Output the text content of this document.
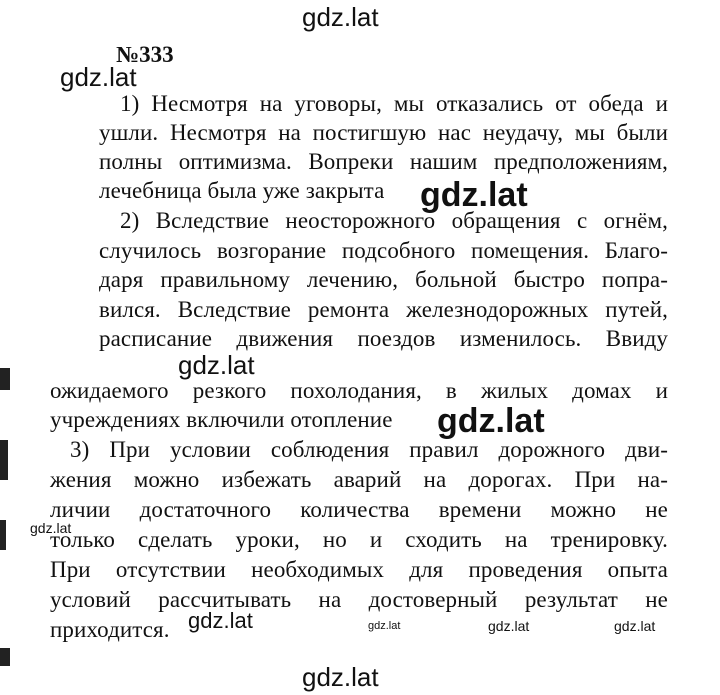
gdz.lat
gdz.lat
gdz.lat
gdz.lat
gdz.lat
gdz.lat	gdz.lat
gdz.lat
№333
1) Несмотря на уговоры, мы отказались от обеда и
ушли. Несмотря на постигшую нас неудачу, мы были
полны оптимизма. Вопреки нашим предположениям,
лечебница была уже закрыта gdz.lat
2) Вследствие неосторожного обращения с огнём,
случилось возгорание подсобного помещения. Благо-
даря правильному лечению, больной быстро попра-
вился. Вследствие ремонта железнодорожных путей,
расписание движения поездов изменилось. Ввиду
ожидаемого резкого похолодания, в жилых домах и
учреждениях включили отопление gdz.lat
3) При условии соблюдения правил дорожного дви-
жения можно избежать аварий на дорогах. При на-
личии достаточного количества времени можно не
только сделать уроки, но и сходить на тренировку.
При отсутствии необходимых для проведения опыта
условий рассчитывать на достоверный результат не
приходится. gdz.lat
